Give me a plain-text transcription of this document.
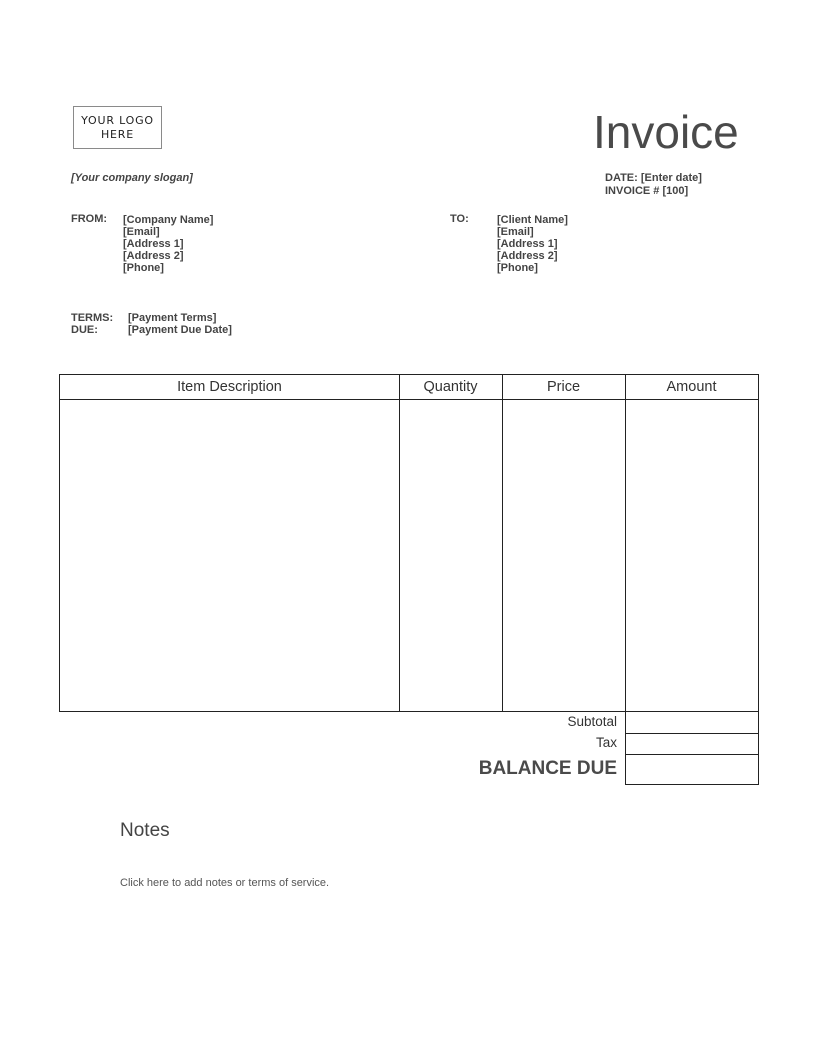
YOUR LOGO
HERE	Invoice
[Your company slogan]	DATE: [Enter date]
INVOICE # [100]
FROM: [Company Name]
[Email]
[Address 1]
[Address 2]
[Phone]
TO:	[Client Name]
[Email]
[Address 1]
[Address 2]
[Phone]
TERMS: [Payment Terms]
DUE:	[Payment Due Date]
Item Description	Quantity	Price	Amount
Subtotal
Tax
BALANCE DUE
Notes
Click here to add notes or terms of service.
